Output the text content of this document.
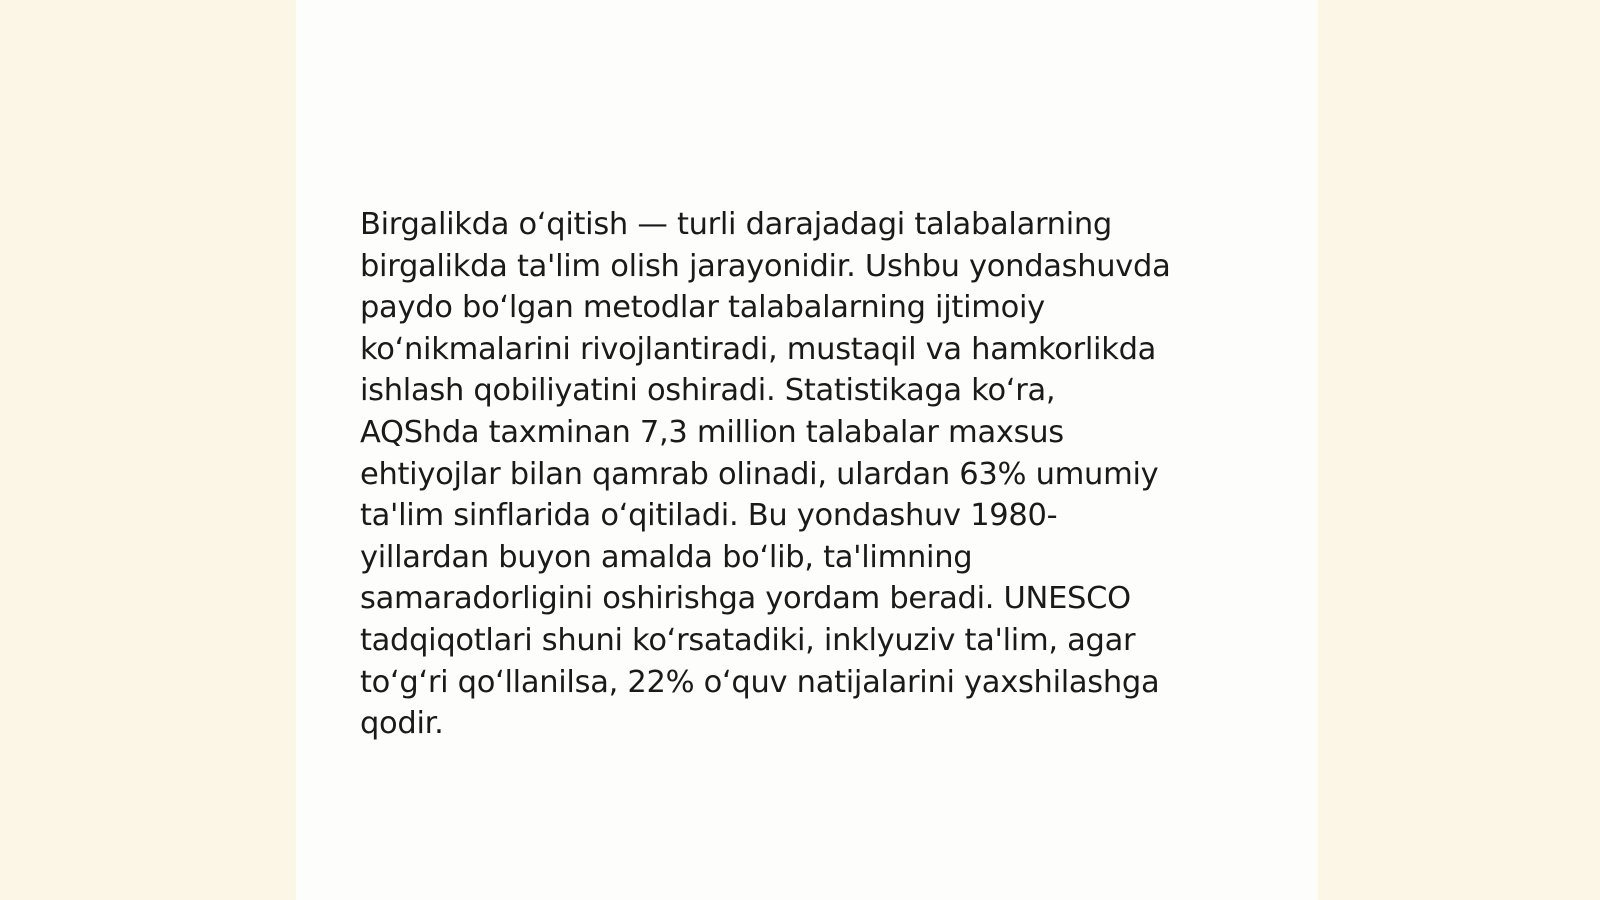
Birgalikda o‘qitish — turli darajadagi talabalarning
birgalikda ta'lim olish jarayonidir. Ushbu yondashuvda
paydo bo‘lgan metodlar talabalarning ijtimoiy
ko‘nikmalarini rivojlantiradi, mustaqil va hamkorlikda
ishlash qobiliyatini oshiradi. Statistikaga ko‘ra,
AQShda taxminan 7,3 million talabalar maxsus
ehtiyojlar bilan qamrab olinadi, ulardan 63% umumiy
ta'lim sinflarida o‘qitiladi. Bu yondashuv 1980-
yillardan buyon amalda bo‘lib, ta'limning
samaradorligini oshirishga yordam beradi. UNESCO
tadqiqotlari shuni ko‘rsatadiki, inklyuziv ta'lim, agar
to‘g‘ri qo‘llanilsa, 22% o‘quv natijalarini yaxshilashga
qodir.
